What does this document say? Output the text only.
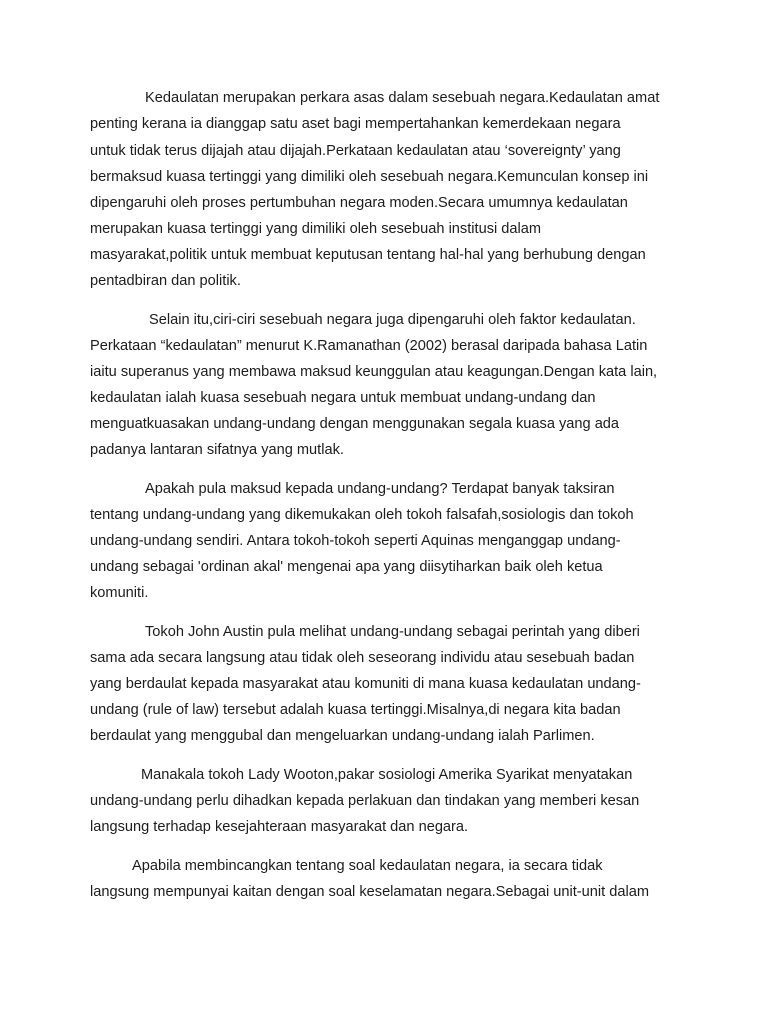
Kedaulatan merupakan perkara asas dalam sesebuah negara.Kedaulatan amat

penting kerana ia dianggap satu aset bagi mempertahankan kemerdekaan negara

untuk tidak terus dijajah atau dijajah.Perkataan kedaulatan atau ‘sovereignty’ yang

bermaksud kuasa tertinggi yang dimiliki oleh sesebuah negara.Kemunculan konsep ini

dipengaruhi oleh proses pertumbuhan negara moden.Secara umumnya kedaulatan

merupakan kuasa tertinggi yang dimiliki oleh sesebuah institusi dalam

masyarakat,politik untuk membuat keputusan tentang hal-hal yang berhubung dengan

pentadbiran dan politik.

Selain itu,ciri-ciri sesebuah negara juga dipengaruhi oleh faktor kedaulatan.

Perkataan “kedaulatan” menurut K.Ramanathan (2002) berasal daripada bahasa Latin

iaitu superanus yang membawa maksud keunggulan atau keagungan.Dengan kata lain,

kedaulatan ialah kuasa sesebuah negara untuk membuat undang-undang dan

menguatkuasakan undang-undang dengan menggunakan segala kuasa yang ada

padanya lantaran sifatnya yang mutlak.

Apakah pula maksud kepada undang-undang? Terdapat banyak taksiran

tentang undang-undang yang dikemukakan oleh tokoh falsafah,sosiologis dan tokoh

undang-undang sendiri. Antara tokoh-tokoh seperti Aquinas menganggap undang-

undang sebagai 'ordinan akal' mengenai apa yang diisytiharkan baik oleh ketua

komuniti.

Tokoh John Austin pula melihat undang-undang sebagai perintah yang diberi

sama ada secara langsung atau tidak oleh seseorang individu atau sesebuah badan

yang berdaulat kepada masyarakat atau komuniti di mana kuasa kedaulatan undang-

undang (rule of law) tersebut adalah kuasa tertinggi.Misalnya,di negara kita badan

berdaulat yang menggubal dan mengeluarkan undang-undang ialah Parlimen.

Manakala tokoh Lady Wooton,pakar sosiologi Amerika Syarikat menyatakan

undang-undang perlu dihadkan kepada perlakuan dan tindakan yang memberi kesan

langsung terhadap kesejahteraan masyarakat dan negara.

Apabila membincangkan tentang soal kedaulatan negara, ia secara tidak

langsung mempunyai kaitan dengan soal keselamatan negara.Sebagai unit-unit dalam
